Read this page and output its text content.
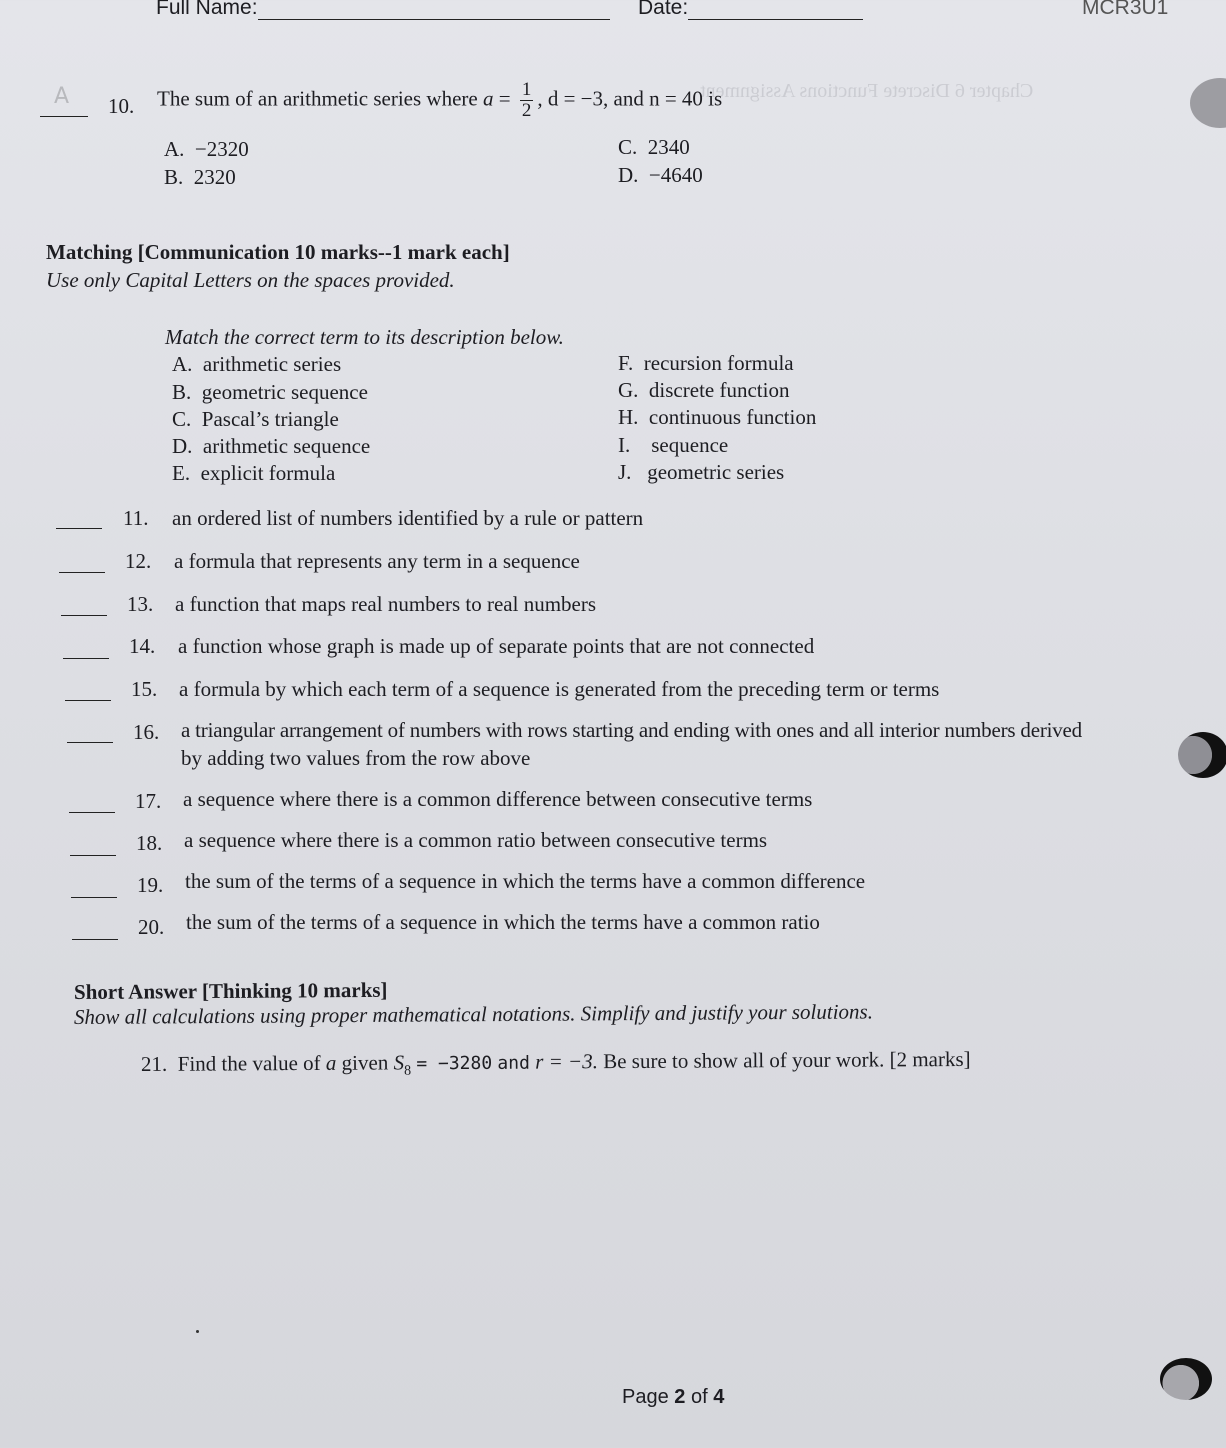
Chapter 6 Discrete Functions Assignment
Full Name:	Date:	MCR3U1
A 10. The sum of an arithmetic series where $a = \frac{1}{2}$ , d = −3, and n = 40 is
A. −2320
B. 2320
C. 2340
D. −4640
Matching [Communication 10 marks--1 mark each]
Use only Capital Letters on the spaces provided.
Match the correct term to its description below.
A. arithmetic series
B. geometric sequence
C. Pascal’s triangle
D. arithmetic sequence
E. explicit formula
F. recursion formula
G. discrete function
H. continuous function
I. sequence
J. geometric series
11. an ordered list of numbers identified by a rule or pattern
12. a formula that represents any term in a sequence
13. a function that maps real numbers to real numbers
14. a function whose graph is made up of separate points that are not connected
15. a formula by which each term of a sequence is generated from the preceding term or terms
16. a triangular arrangement of numbers with rows starting and ending with ones and all interior numbers derived
by adding two values from the row above
17. a sequence where there is a common difference between consecutive terms
18. a sequence where there is a common ratio between consecutive terms
19. the sum of the terms of a sequence in which the terms have a common difference
20. the sum of the terms of a sequence in which the terms have a common ratio
Short Answer [Thinking 10 marks]
Show all calculations using proper mathematical notations. Simplify and justify your solutions.
21. Find the value of a given $S_8 = -3280$ and r = −3. Be sure to show all of your work. [2 marks]
Page 2 of 4
